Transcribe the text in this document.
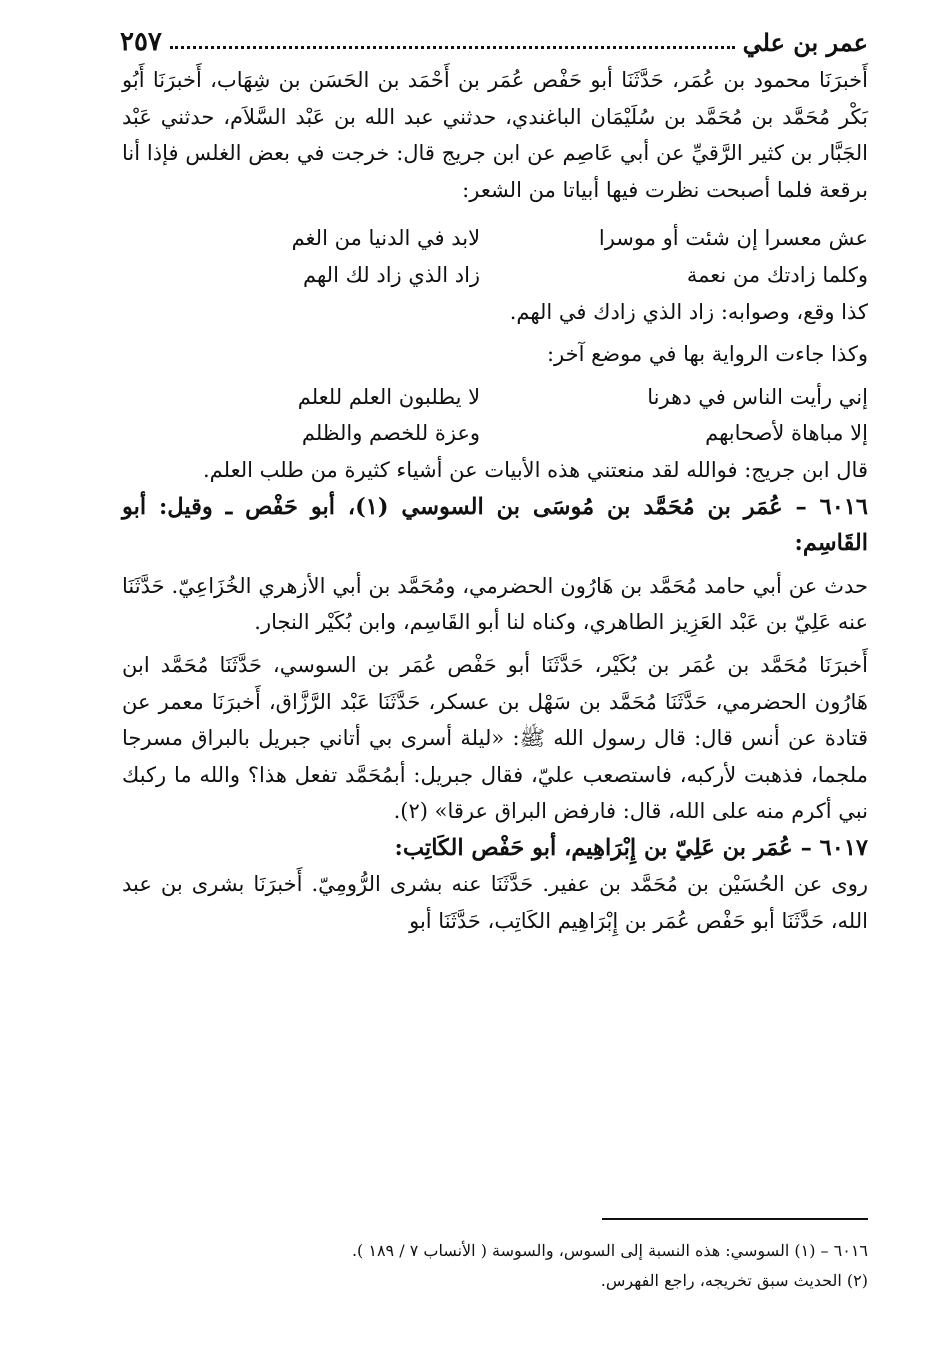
عمر بن علي
٢٥٧

أَخبرَنَا محمود بن عُمَر، حَدَّثَنَا أبو حَفْص عُمَر بن أَحْمَد بن الحَسَن بن شِهَاب، أَخبرَنَا أَبُو بَكْر مُحَمَّد بن مُحَمَّد بن سُلَيْمَان الباغندي، حدثني عبد الله بن عَبْد السَّلاَم، حدثني عَبْد الجَبَّار بن كثير الرَّقيِّ عن أبي عَاصِم عن ابن جريج قال: خرجت في بعض الغلس فإذا أنا برقعة فلما أصبحت نظرت فيها أبياتا من الشعر:

عش معسرا إن شئت أو موسرا
لابد في الدنيا من الغم
وكلما زادتك من نعمة
زاد الذي زاد لك الهم

كذا وقع، وصوابه: زاد الذي زادك في الهم.

وكذا جاءت الرواية بها في موضع آخر:

إني رأيت الناس في دهرنا
لا يطلبون العلم للعلم
إلا مباهاة لأصحابهم
وعزة للخصم والظلم

قال ابن جريج: فوالله لقد منعتني هذه الأبيات عن أشياء كثيرة من طلب العلم.

٦٠١٦ – عُمَر بن مُحَمَّد بن مُوسَى بن السوسي (١)، أبو حَفْص ـ وقيل: أبو القَاسِم:

حدث عن أبي حامد مُحَمَّد بن هَارُون الحضرمي، ومُحَمَّد بن أبي الأزهري الخُزَاعِيّ. حَدَّثَنَا عنه عَلِيّ بن عَبْد العَزِيز الطاهري، وكناه لنا أبو القَاسِم، وابن بُكَيْر النجار.

أَخبرَنَا مُحَمَّد بن عُمَر بن بُكَيْر، حَدَّثَنَا أبو حَفْص عُمَر بن السوسي، حَدَّثَنَا مُحَمَّد ابن هَارُون الحضرمي، حَدَّثَنَا مُحَمَّد بن سَهْل بن عسكر، حَدَّثَنَا عَبْد الرَّزَّاق، أَخبرَنَا معمر عن قتادة عن أنس قال: قال رسول الله ﷺ: «ليلة أسرى بي أتاني جبريل بالبراق مسرجا ملجما، فذهبت لأركبه، فاستصعب عليّ، فقال جبريل: أبمُحَمَّد تفعل هذا؟ والله ما ركبك نبي أكرم منه على الله، قال: فارفض البراق عرقا» (٢).

٦٠١٧ – عُمَر بن عَلِيّ بن إِبْرَاهِيم، أبو حَفْص الكَاتِب:

روى عن الحُسَيْن بن مُحَمَّد بن عفير. حَدَّثَنَا عنه بشرى الرُّومِيّ. أَخبرَنَا بشرى بن عبد الله، حَدَّثَنَا أبو حَفْص عُمَر بن إِبْرَاهِيم الكَاتِب، حَدَّثَنَا أبو

٦٠١٦ – (١) السوسي: هذه النسبة إلى السوس، والسوسة ( الأنساب ٧ / ١٨٩ ).
(٢) الحديث سبق تخريجه، راجع الفهرس.
